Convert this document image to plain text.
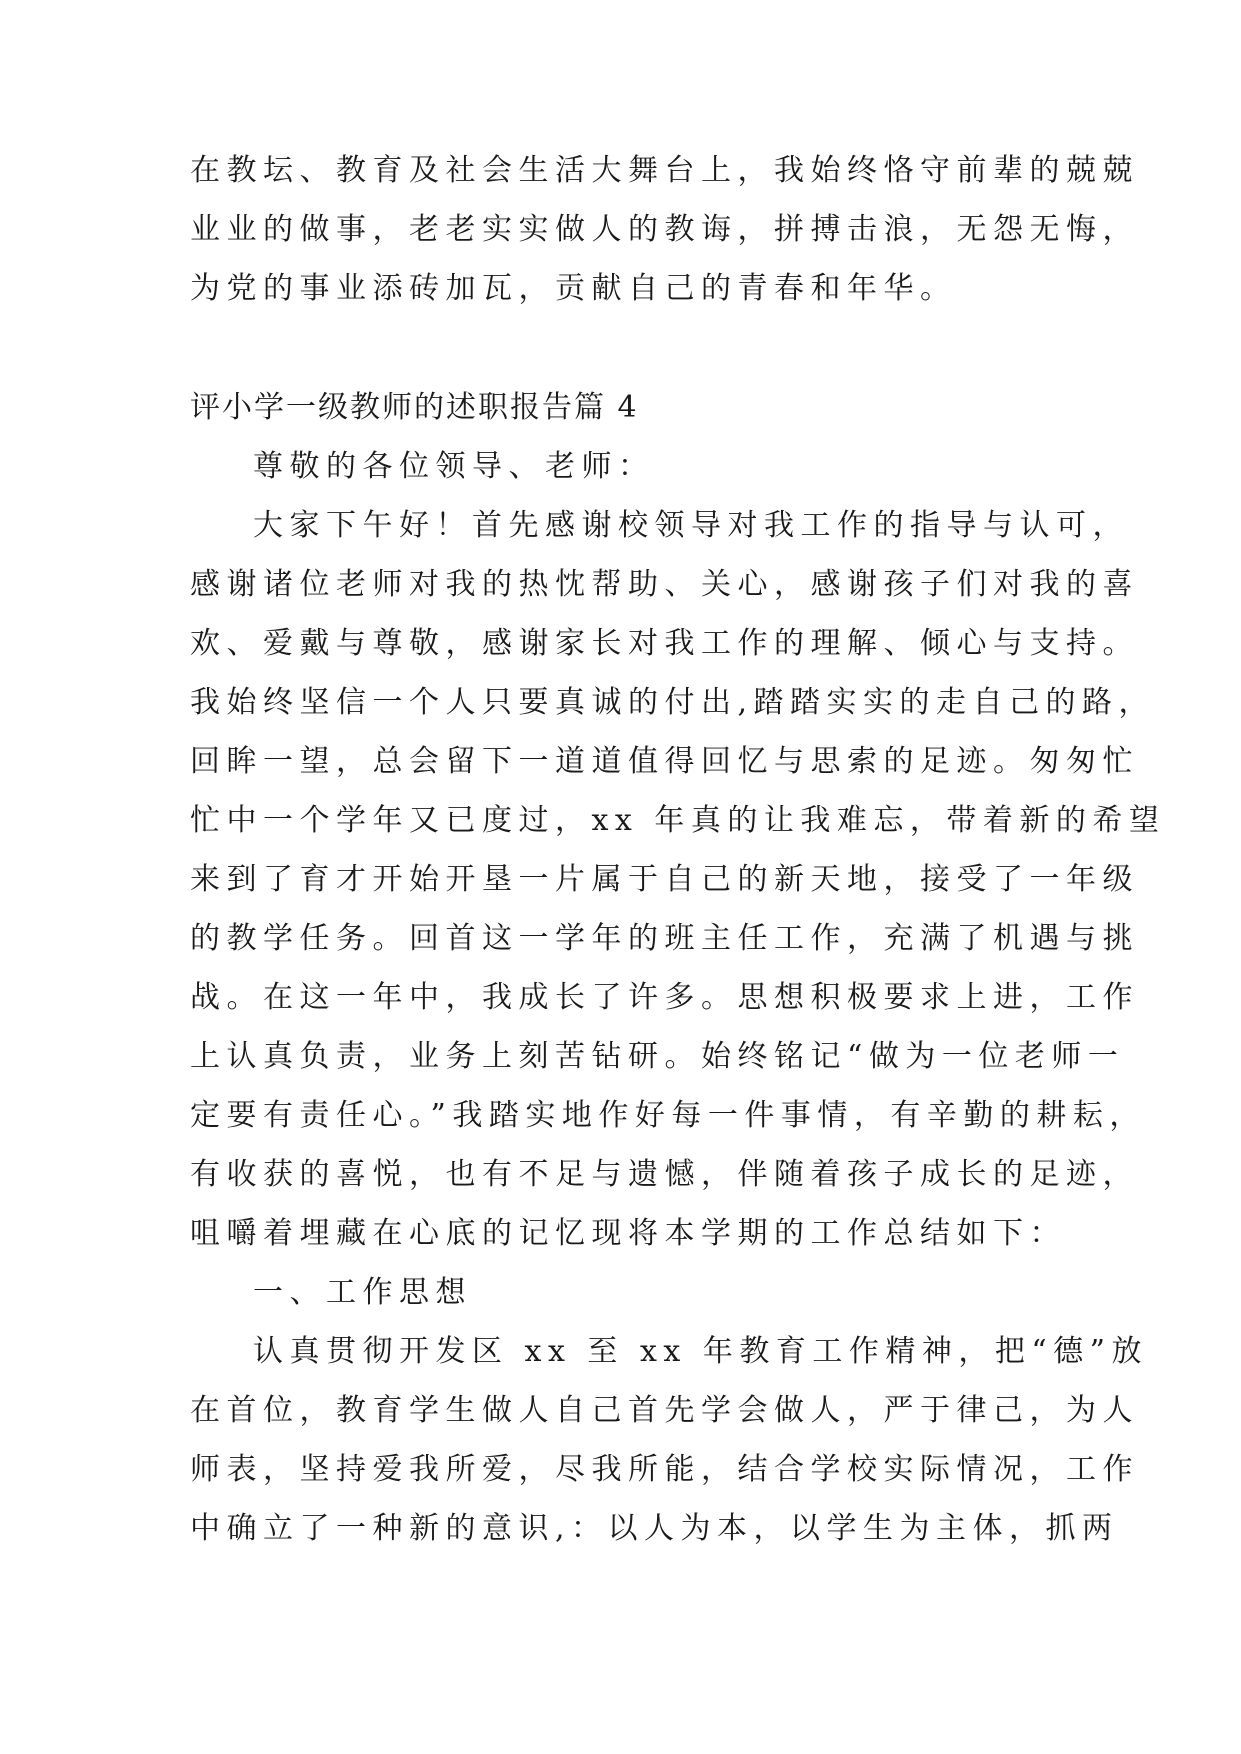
在教坛、教育及社会生活大舞台上，我始终恪守前辈的兢兢
业业的做事，老老实实做人的教诲，拼搏击浪，无怨无悔，
为党的事业添砖加瓦，贡献自己的青春和年华。
评小学一级教师的述职报告篇 4
尊敬的各位领导、老师：
大家下午好！首先感谢校领导对我工作的指导与认可，
感谢诸位老师对我的热忱帮助、关心，感谢孩子们对我的喜
欢、爱戴与尊敬，感谢家长对我工作的理解、倾心与支持。
我始终坚信一个人只要真诚的付出,踏踏实实的走自己的路，
回眸一望，总会留下一道道值得回忆与思索的足迹。匆匆忙
忙中一个学年又已度过，xx 年真的让我难忘，带着新的希望
来到了育才开始开垦一片属于自己的新天地，接受了一年级
的教学任务。回首这一学年的班主任工作，充满了机遇与挑
战。在这一年中，我成长了许多。思想积极要求上进，工作
上认真负责，业务上刻苦钻研。始终铭记“做为一位老师一
定要有责任心。”我踏实地作好每一件事情，有辛勤的耕耘，
有收获的喜悦，也有不足与遗憾，伴随着孩子成长的足迹，
咀嚼着埋藏在心底的记忆现将本学期的工作总结如下：
一、工作思想
认真贯彻开发区 xx 至 xx 年教育工作精神，把“德”放
在首位，教育学生做人自己首先学会做人，严于律己，为人
师表，坚持爱我所爱，尽我所能，结合学校实际情况，工作
中确立了一种新的意识,：以人为本，以学生为主体，抓两
